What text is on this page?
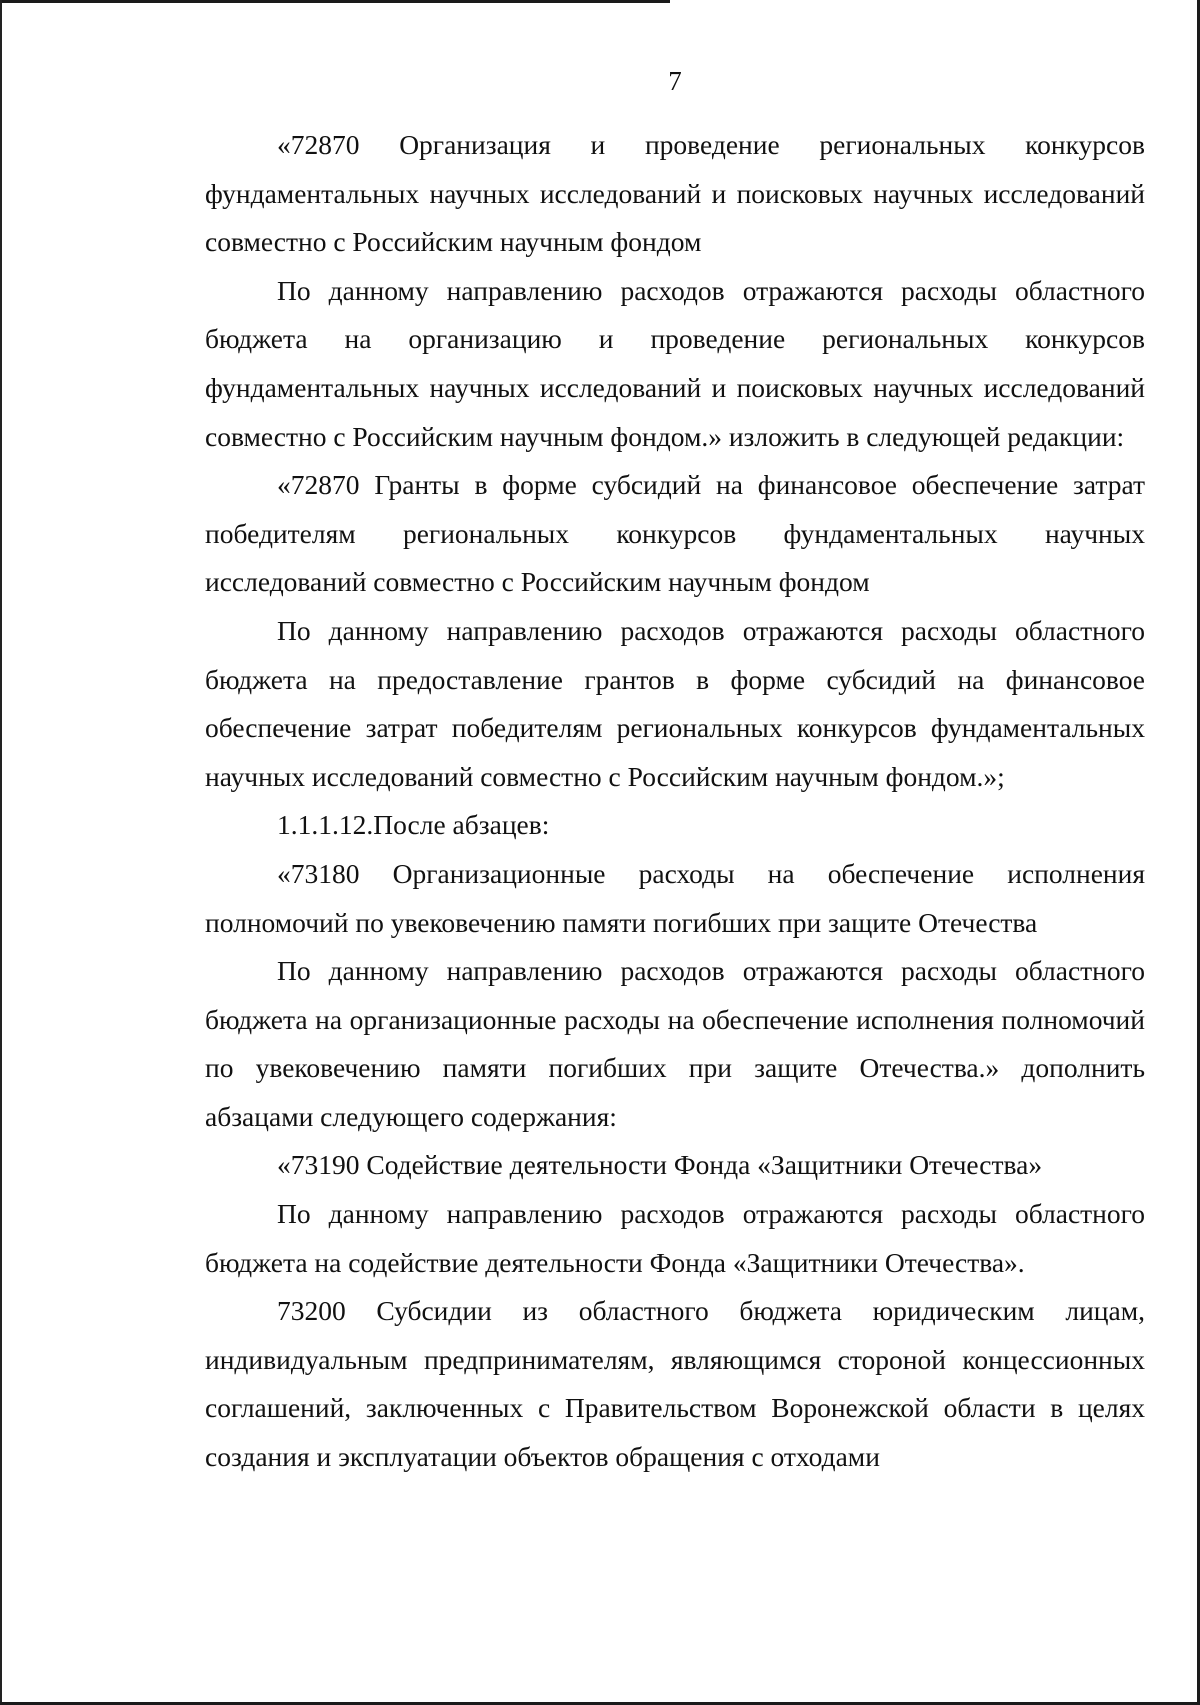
7

«72870 Организация и проведение региональных конкурсов фундаментальных научных исследований и поисковых научных исследований совместно с Российским научным фондом

По данному направлению расходов отражаются расходы областного бюджета на организацию и проведение региональных конкурсов фундаментальных научных исследований и поисковых научных исследований совместно с Российским научным фондом.» изложить в следующей редакции:

«72870 Гранты в форме субсидий на финансовое обеспечение затрат победителям региональных конкурсов фундаментальных научных исследований совместно с Российским научным фондом

По данному направлению расходов отражаются расходы областного бюджета на предоставление грантов в форме субсидий на финансовое обеспечение затрат победителям региональных конкурсов фундаментальных научных исследований совместно с Российским научным фондом.»;

1.1.1.12.После абзацев:

«73180 Организационные расходы на обеспечение исполнения полномочий по увековечению памяти погибших при защите Отечества

По данному направлению расходов отражаются расходы областного бюджета на организационные расходы на обеспечение исполнения полномочий по увековечению памяти погибших при защите Отечества.» дополнить абзацами следующего содержания:

«73190 Содействие деятельности Фонда «Защитники Отечества»

По данному направлению расходов отражаются расходы областного бюджета на содействие деятельности Фонда «Защитники Отечества».

73200 Субсидии из областного бюджета юридическим лицам, индивидуальным предпринимателям, являющимся стороной концессионных соглашений, заключенных с Правительством Воронежской области в целях создания и эксплуатации объектов обращения с отходами
